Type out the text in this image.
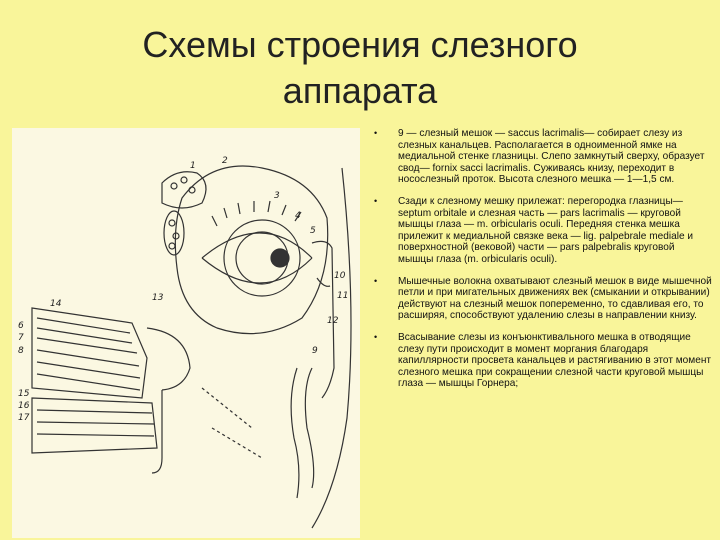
Схемы строения слезного
аппарата
1	2
3
4
5
6
7
8	9
10
11
12
13
14
15
16
17
• 9 — слезный мешок — saccus lacrimalis— собирает слезу из слезных канальцев. Располагается в одноименной ямке на медиальной стенке глазницы. Слепо замкнутый сверху, образует свод— fornix sacci lacrimalis. Суживаясь книзу, переходит в носослезный проток. Высота слезного мешка — 1—1,5 см.
• Сзади к слезному мешку прилежат: перегородка глазницы— septum orbitale и слезная часть — pars lacrimalis — круговой мышцы глаза — m. orbicularis oculi. Передняя стенка мешка прилежит к медиальной связке века — lig. palpebrale mediale и поверхностной (вековой) части — pars palpebralis круговой мышцы глаза (m. orbicularis oculi).
• Мышечные волокна охватывают слезный мешок в виде мышечной петли и при мигательных движениях век (смыкании и открывании) действуют на слезный мешок попеременно, то сдавливая его, то расширяя, способствуют удалению слезы в направлении книзу.
• Всасывание слезы из конъюнктивального мешка в отводящие слезу пути происходит в момент моргания благодаря капиллярности просвета канальцев и растягиванию в этот момент слезного мешка при сокращении слезной части круговой мышцы глаза — мышцы Горнера;
